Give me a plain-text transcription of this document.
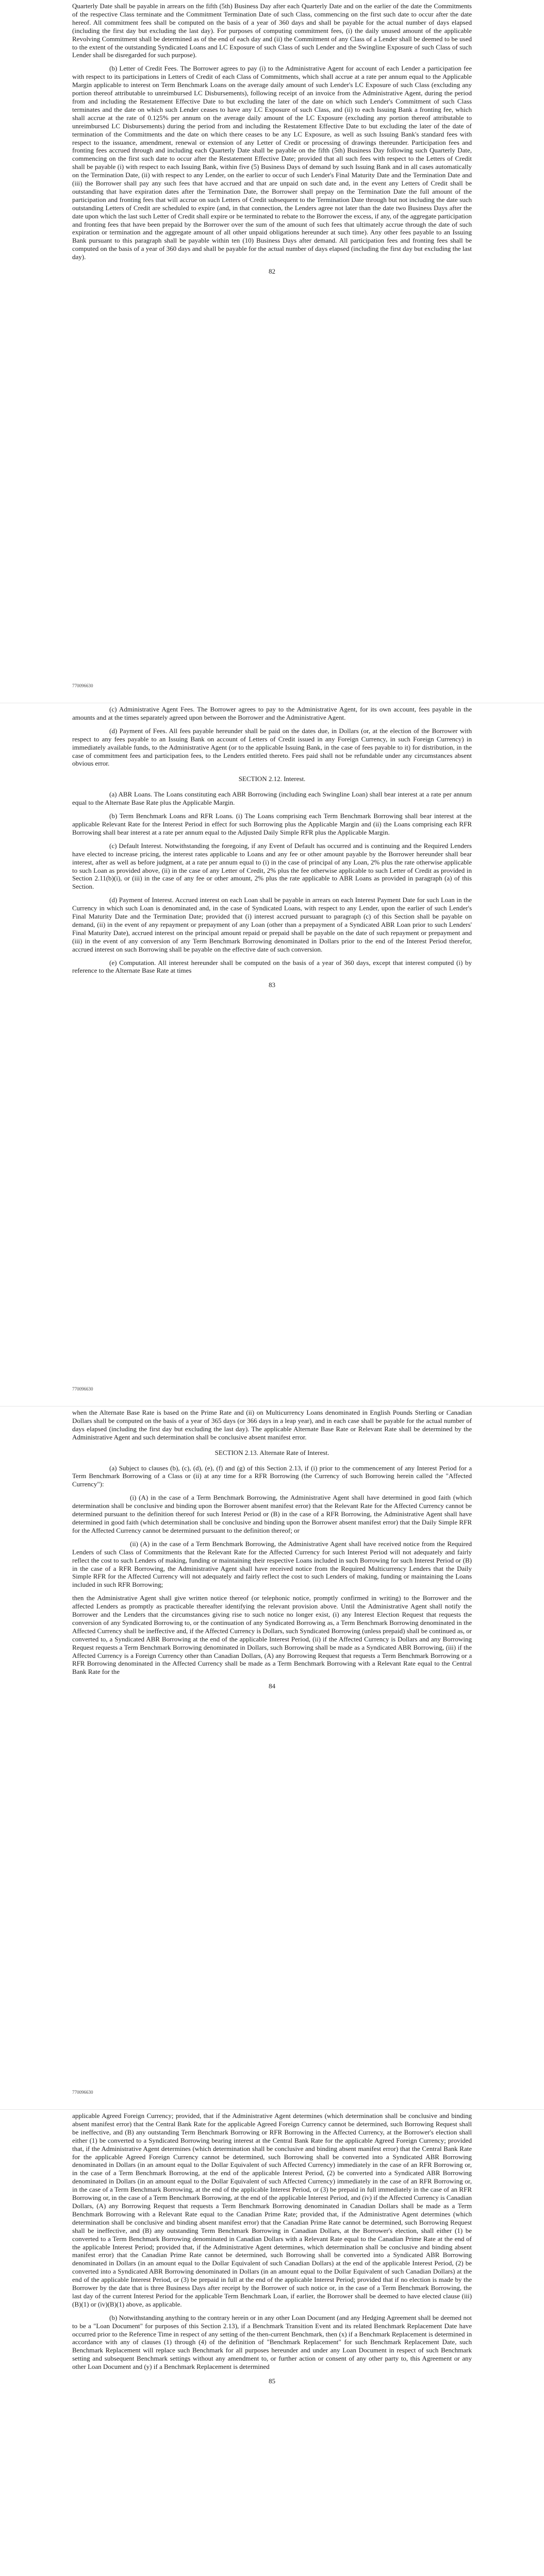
Quarterly Date shall be payable in arrears on the fifth (5th) Business Day after each Quarterly Date and on the earlier of the date the Commitments of the respective Class terminate and the Commitment Termination Date of such Class, commencing on the first such date to occur after the date hereof. All commitment fees shall be computed on the basis of a year of 360 days and shall be payable for the actual number of days elapsed (including the first day but excluding the last day). For purposes of computing commitment fees, (i) the daily unused amount of the applicable Revolving Commitment shall be determined as of the end of each day and (ii) the Commitment of any Class of a Lender shall be deemed to be used to the extent of the outstanding Syndicated Loans and LC Exposure of such Class of such Lender and the Swingline Exposure of such Class of such Lender shall be disregarded for such purpose).

(b) Letter of Credit Fees. The Borrower agrees to pay (i) to the Administrative Agent for account of each Lender a participation fee with respect to its participations in Letters of Credit of each Class of Commitments, which shall accrue at a rate per annum equal to the Applicable Margin applicable to interest on Term Benchmark Loans on the average daily amount of such Lender's LC Exposure of such Class (excluding any portion thereof attributable to unreimbursed LC Disbursements), following receipt of an invoice from the Administrative Agent, during the period from and including the Restatement Effective Date to but excluding the later of the date on which such Lender's Commitment of such Class terminates and the date on which such Lender ceases to have any LC Exposure of such Class, and (ii) to each Issuing Bank a fronting fee, which shall accrue at the rate of 0.125% per annum on the average daily amount of the LC Exposure (excluding any portion thereof attributable to unreimbursed LC Disbursements) during the period from and including the Restatement Effective Date to but excluding the later of the date of termination of the Commitments and the date on which there ceases to be any LC Exposure, as well as such Issuing Bank's standard fees with respect to the issuance, amendment, renewal or extension of any Letter of Credit or processing of drawings thereunder. Participation fees and fronting fees accrued through and including each Quarterly Date shall be payable on the fifth (5th) Business Day following such Quarterly Date, commencing on the first such date to occur after the Restatement Effective Date; provided that all such fees with respect to the Letters of Credit shall be payable (i) with respect to each Issuing Bank, within five (5) Business Days of demand by such Issuing Bank and in all cases automatically on the Termination Date, (ii) with respect to any Lender, on the earlier to occur of such Lender's Final Maturity Date and the Termination Date and (iii) the Borrower shall pay any such fees that have accrued and that are unpaid on such date and, in the event any Letters of Credit shall be outstanding that have expiration dates after the Termination Date, the Borrower shall prepay on the Termination Date the full amount of the participation and fronting fees that will accrue on such Letters of Credit subsequent to the Termination Date through but not including the date such outstanding Letters of Credit are scheduled to expire (and, in that connection, the Lenders agree not later than the date two Business Days after the date upon which the last such Letter of Credit shall expire or be terminated to rebate to the Borrower the excess, if any, of the aggregate participation and fronting fees that have been prepaid by the Borrower over the sum of the amount of such fees that ultimately accrue through the date of such expiration or termination and the aggregate amount of all other unpaid obligations hereunder at such time). Any other fees payable to an Issuing Bank pursuant to this paragraph shall be payable within ten (10) Business Days after demand. All participation fees and fronting fees shall be computed on the basis of a year of 360 days and shall be payable for the actual number of days elapsed (including the first day but excluding the last day).

82
770096630

(c) Administrative Agent Fees. The Borrower agrees to pay to the Administrative Agent, for its own account, fees payable in the amounts and at the times separately agreed upon between the Borrower and the Administrative Agent.

(d) Payment of Fees. All fees payable hereunder shall be paid on the dates due, in Dollars (or, at the election of the Borrower with respect to any fees payable to an Issuing Bank on account of Letters of Credit issued in any Foreign Currency, in such Foreign Currency) in immediately available funds, to the Administrative Agent (or to the applicable Issuing Bank, in the case of fees payable to it) for distribution, in the case of commitment fees and participation fees, to the Lenders entitled thereto. Fees paid shall not be refundable under any circumstances absent obvious error.

SECTION 2.12. Interest.

(a) ABR Loans. The Loans constituting each ABR Borrowing (including each Swingline Loan) shall bear interest at a rate per annum equal to the Alternate Base Rate plus the Applicable Margin.

(b) Term Benchmark Loans and RFR Loans. (i) The Loans comprising each Term Benchmark Borrowing shall bear interest at the applicable Relevant Rate for the Interest Period in effect for such Borrowing plus the Applicable Margin and (ii) the Loans comprising each RFR Borrowing shall bear interest at a rate per annum equal to the Adjusted Daily Simple RFR plus the Applicable Margin.

(c) Default Interest. Notwithstanding the foregoing, if any Event of Default has occurred and is continuing and the Required Lenders have elected to increase pricing, the interest rates applicable to Loans and any fee or other amount payable by the Borrower hereunder shall bear interest, after as well as before judgment, at a rate per annum equal to (i) in the case of principal of any Loan, 2% plus the rate otherwise applicable to such Loan as provided above, (ii) in the case of any Letter of Credit, 2% plus the fee otherwise applicable to such Letter of Credit as provided in Section 2.11(b)(i), or (iii) in the case of any fee or other amount, 2% plus the rate applicable to ABR Loans as provided in paragraph (a) of this Section.

(d) Payment of Interest. Accrued interest on each Loan shall be payable in arrears on each Interest Payment Date for such Loan in the Currency in which such Loan is denominated and, in the case of Syndicated Loans, with respect to any Lender, upon the earlier of such Lender's Final Maturity Date and the Termination Date; provided that (i) interest accrued pursuant to paragraph (c) of this Section shall be payable on demand, (ii) in the event of any repayment or prepayment of any Loan (other than a prepayment of a Syndicated ABR Loan prior to such Lenders' Final Maturity Date), accrued interest on the principal amount repaid or prepaid shall be payable on the date of such repayment or prepayment and (iii) in the event of any conversion of any Term Benchmark Borrowing denominated in Dollars prior to the end of the Interest Period therefor, accrued interest on such Borrowing shall be payable on the effective date of such conversion.

(e) Computation. All interest hereunder shall be computed on the basis of a year of 360 days, except that interest computed (i) by reference to the Alternate Base Rate at times

83
770096630

when the Alternate Base Rate is based on the Prime Rate and (ii) on Multicurrency Loans denominated in English Pounds Sterling or Canadian Dollars shall be computed on the basis of a year of 365 days (or 366 days in a leap year), and in each case shall be payable for the actual number of days elapsed (including the first day but excluding the last day). The applicable Alternate Base Rate or Relevant Rate shall be determined by the Administrative Agent and such determination shall be conclusive absent manifest error.

SECTION 2.13. Alternate Rate of Interest.

(a) Subject to clauses (b), (c), (d), (e), (f) and (g) of this Section 2.13, if (i) prior to the commencement of any Interest Period for a Term Benchmark Borrowing of a Class or (ii) at any time for a RFR Borrowing (the Currency of such Borrowing herein called the "Affected Currency"):

(i) (A) in the case of a Term Benchmark Borrowing, the Administrative Agent shall have determined in good faith (which determination shall be conclusive and binding upon the Borrower absent manifest error) that the Relevant Rate for the Affected Currency cannot be determined pursuant to the definition thereof for such Interest Period or (B) in the case of a RFR Borrowing, the Administrative Agent shall have determined in good faith (which determination shall be conclusive and binding upon the Borrower absent manifest error) that the Daily Simple RFR for the Affected Currency cannot be determined pursuant to the definition thereof; or

(ii) (A) in the case of a Term Benchmark Borrowing, the Administrative Agent shall have received notice from the Required Lenders of such Class of Commitments that the Relevant Rate for the Affected Currency for such Interest Period will not adequately and fairly reflect the cost to such Lenders of making, funding or maintaining their respective Loans included in such Borrowing for such Interest Period or (B) in the case of a RFR Borrowing, the Administrative Agent shall have received notice from the Required Multicurrency Lenders that the Daily Simple RFR for the Affected Currency will not adequately and fairly reflect the cost to such Lenders of making, funding or maintaining the Loans included in such RFR Borrowing;

then the Administrative Agent shall give written notice thereof (or telephonic notice, promptly confirmed in writing) to the Borrower and the affected Lenders as promptly as practicable thereafter identifying the relevant provision above. Until the Administrative Agent shall notify the Borrower and the Lenders that the circumstances giving rise to such notice no longer exist, (i) any Interest Election Request that requests the conversion of any Syndicated Borrowing to, or the continuation of any Syndicated Borrowing as, a Term Benchmark Borrowing denominated in the Affected Currency shall be ineffective and, if the Affected Currency is Dollars, such Syndicated Borrowing (unless prepaid) shall be continued as, or converted to, a Syndicated ABR Borrowing at the end of the applicable Interest Period, (ii) if the Affected Currency is Dollars and any Borrowing Request requests a Term Benchmark Borrowing denominated in Dollars, such Borrowing shall be made as a Syndicated ABR Borrowing, (iii) if the Affected Currency is a Foreign Currency other than Canadian Dollars, (A) any Borrowing Request that requests a Term Benchmark Borrowing or a RFR Borrowing denominated in the Affected Currency shall be made as a Term Benchmark Borrowing with a Relevant Rate equal to the Central Bank Rate for the

84
770096630

applicable Agreed Foreign Currency; provided, that if the Administrative Agent determines (which determination shall be conclusive and binding absent manifest error) that the Central Bank Rate for the applicable Agreed Foreign Currency cannot be determined, such Borrowing Request shall be ineffective, and (B) any outstanding Term Benchmark Borrowing or RFR Borrowing in the Affected Currency, at the Borrower's election shall either (1) be converted to a Syndicated Borrowing bearing interest at the Central Bank Rate for the applicable Agreed Foreign Currency; provided that, if the Administrative Agent determines (which determination shall be conclusive and binding absent manifest error) that the Central Bank Rate for the applicable Agreed Foreign Currency cannot be determined, such Borrowing shall be converted into a Syndicated ABR Borrowing denominated in Dollars (in an amount equal to the Dollar Equivalent of such Affected Currency) immediately in the case of an RFR Borrowing or, in the case of a Term Benchmark Borrowing, at the end of the applicable Interest Period, (2) be converted into a Syndicated ABR Borrowing denominated in Dollars (in an amount equal to the Dollar Equivalent of such Affected Currency) immediately in the case of an RFR Borrowing or, in the case of a Term Benchmark Borrowing, at the end of the applicable Interest Period, or (3) be prepaid in full immediately in the case of an RFR Borrowing or, in the case of a Term Benchmark Borrowing, at the end of the applicable Interest Period, and (iv) if the Affected Currency is Canadian Dollars, (A) any Borrowing Request that requests a Term Benchmark Borrowing denominated in Canadian Dollars shall be made as a Term Benchmark Borrowing with a Relevant Rate equal to the Canadian Prime Rate; provided that, if the Administrative Agent determines (which determination shall be conclusive and binding absent manifest error) that the Canadian Prime Rate cannot be determined, such Borrowing Request shall be ineffective, and (B) any outstanding Term Benchmark Borrowing in Canadian Dollars, at the Borrower's election, shall either (1) be converted to a Term Benchmark Borrowing denominated in Canadian Dollars with a Relevant Rate equal to the Canadian Prime Rate at the end of the applicable Interest Period; provided that, if the Administrative Agent determines, which determination shall be conclusive and binding absent manifest error) that the Canadian Prime Rate cannot be determined, such Borrowing shall be converted into a Syndicated ABR Borrowing denominated in Dollars (in an amount equal to the Dollar Equivalent of such Canadian Dollars) at the end of the applicable Interest Period, (2) be converted into a Syndicated ABR Borrowing denominated in Dollars (in an amount equal to the Dollar Equivalent of such Canadian Dollars) at the end of the applicable Interest Period, or (3) be prepaid in full at the end of the applicable Interest Period; provided that if no election is made by the Borrower by the date that is three Business Days after receipt by the Borrower of such notice or, in the case of a Term Benchmark Borrowing, the last day of the current Interest Period for the applicable Term Benchmark Loan, if earlier, the Borrower shall be deemed to have elected clause (iii)(B)(1) or (iv)(B)(1) above, as applicable.

(b) Notwithstanding anything to the contrary herein or in any other Loan Document (and any Hedging Agreement shall be deemed not to be a "Loan Document" for purposes of this Section 2.13), if a Benchmark Transition Event and its related Benchmark Replacement Date have occurred prior to the Reference Time in respect of any setting of the then-current Benchmark, then (x) if a Benchmark Replacement is determined in accordance with any of clauses (1) through (4) of the definition of "Benchmark Replacement" for such Benchmark Replacement Date, such Benchmark Replacement will replace such Benchmark for all purposes hereunder and under any Loan Document in respect of such Benchmark setting and subsequent Benchmark settings without any amendment to, or further action or consent of any other party to, this Agreement or any other Loan Document and (y) if a Benchmark Replacement is determined

85
